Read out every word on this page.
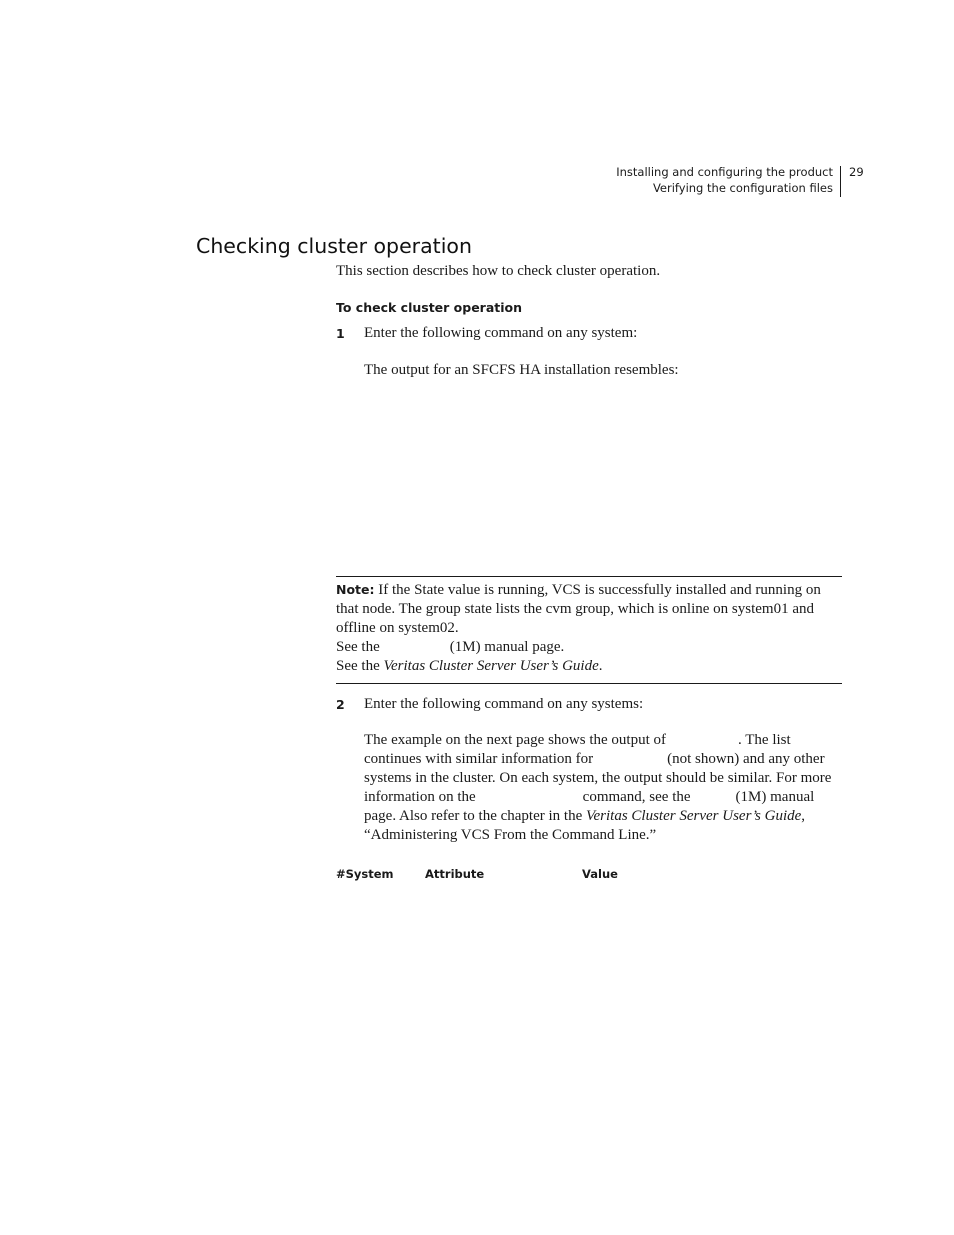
Installing and configuring the product
Verifying the configuration files
29
Checking cluster operation
This section describes how to check cluster operation.
To check cluster operation
1 Enter the following command on any system:
The output for an SFCFS HA installation resembles:
Note: If the State value is running, VCS is successfully installed and running on that node. The group state lists the cvm group, which is online on system01 and offline on system02.
See the	(1M) manual page.
See the Veritas Cluster Server User’s Guide.
2 Enter the following command on any systems:
The example on the next page shows the output of	. The list continues with similar information for	(not shown) and any other systems in the cluster. On each system, the output should be similar. For more information on the	command, see the	(1M) manual page. Also refer to the chapter in the Veritas Cluster Server User’s Guide, “Administering VCS From the Command Line.”
#System	Attribute	Value
